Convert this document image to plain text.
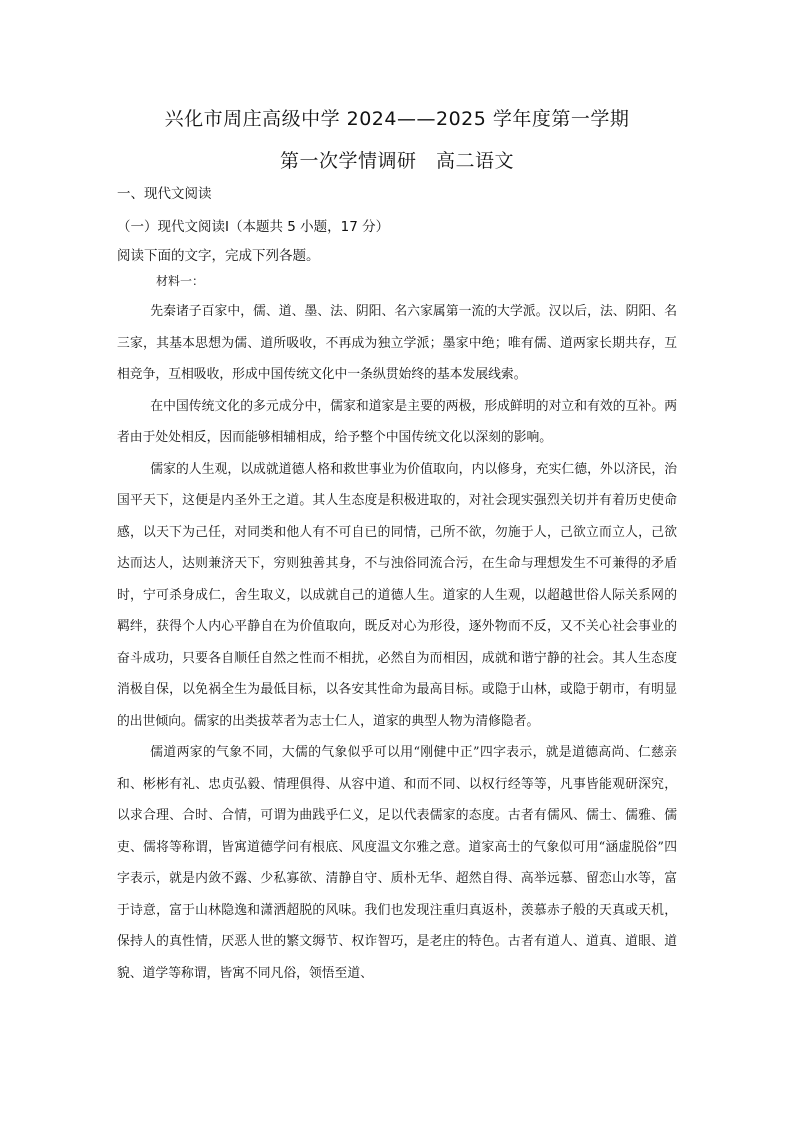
兴化市周庄高级中学 2024——2025 学年度第一学期
第一次学情调研　高二语文
一、现代文阅读
（一）现代文阅读Ⅰ（本题共 5 小题，17 分）
阅读下面的文字，完成下列各题。
材料一：

先秦诸子百家中，儒、道、墨、法、阴阳、名六家属第一流的大学派。汉以后，法、阴阳、名三家，其基本思想为儒、道所吸收，不再成为独立学派；墨家中绝；唯有儒、道两家长期共存，互相竞争，互相吸收，形成中国传统文化中一条纵贯始终的基本发展线索。

在中国传统文化的多元成分中，儒家和道家是主要的两极，形成鲜明的对立和有效的互补。两者由于处处相反，因而能够相辅相成，给予整个中国传统文化以深刻的影响。

儒家的人生观，以成就道德人格和救世事业为价值取向，内以修身，充实仁德，外以济民，治国平天下，这便是内圣外王之道。其人生态度是积极进取的，对社会现实强烈关切并有着历史使命感，以天下为己任，对同类和他人有不可自已的同情，己所不欲，勿施于人，己欲立而立人，己欲达而达人，达则兼济天下，穷则独善其身，不与浊俗同流合污，在生命与理想发生不可兼得的矛盾时，宁可杀身成仁，舍生取义，以成就自己的道德人生。道家的人生观，以超越世俗人际关系网的羁绊，获得个人内心平静自在为价值取向，既反对心为形役，逐外物而不反，又不关心社会事业的奋斗成功，只要各自顺任自然之性而不相扰，必然自为而相因，成就和谐宁静的社会。其人生态度消极自保，以免祸全生为最低目标，以各安其性命为最高目标。或隐于山林，或隐于朝市，有明显的出世倾向。儒家的出类拔萃者为志士仁人，道家的典型人物为清修隐者。

儒道两家的气象不同，大儒的气象似乎可以用“刚健中正”四字表示，就是道德高尚、仁慈亲和、彬彬有礼、忠贞弘毅、情理俱得、从容中道、和而不同、以权行经等等，凡事皆能观研深究，以求合理、合时、合情，可谓为曲践乎仁义，足以代表儒家的态度。古者有儒风、儒士、儒雅、儒吏、儒将等称谓，皆寓道德学问有根底、风度温文尔雅之意。道家高士的气象似可用“涵虚脱俗”四字表示，就是内敛不露、少私寡欲、清静自守、质朴无华、超然自得、高举远慕、留恋山水等，富于诗意，富于山林隐逸和潇洒超脱的风味。我们也发现注重归真返朴，羡慕赤子般的天真或天机，保持人的真性情，厌恶人世的繁文缛节、权诈智巧，是老庄的特色。古者有道人、道真、道眼、道貌、道学等称谓，皆寓不同凡俗，领悟至道、
